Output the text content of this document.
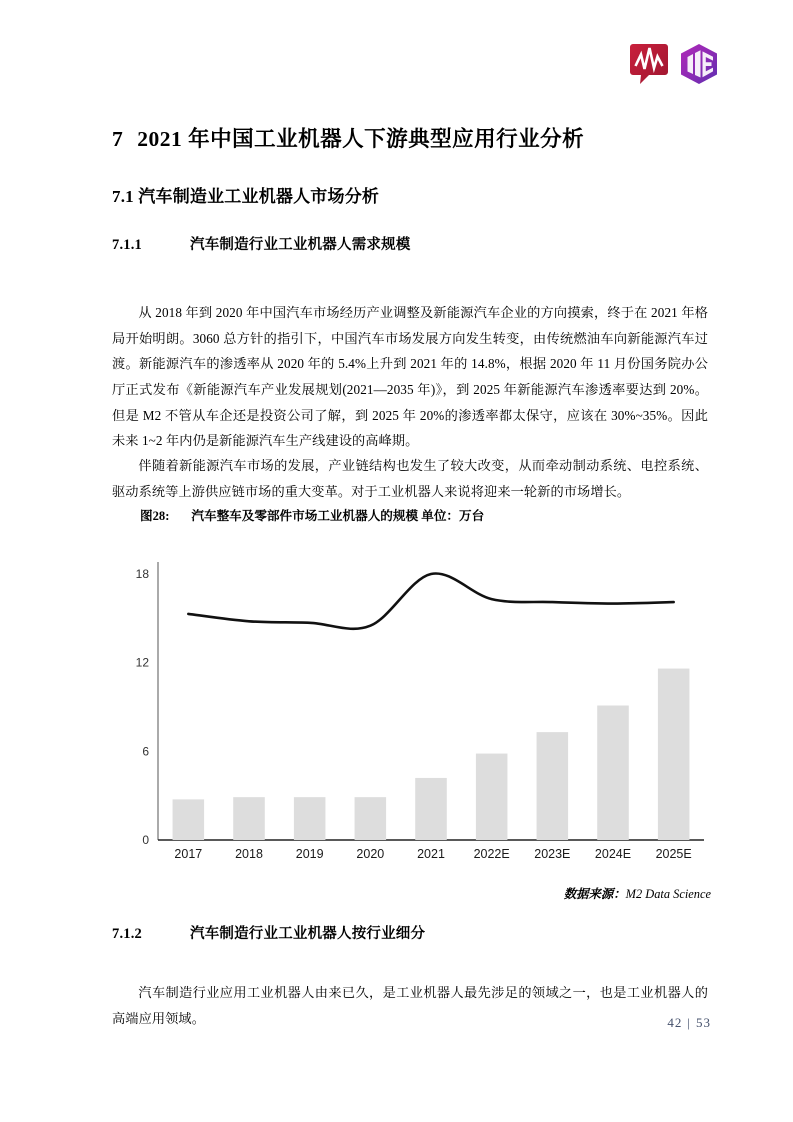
7 2021 年中国工业机器人下游典型应用行业分析
7.1 汽车制造业工业机器人市场分析
7.1.1	汽车制造行业工业机器人需求规模

从 2018 年到 2020 年中国汽车市场经历产业调整及新能源汽车企业的方向摸索，终于在 2021 年格局开始明朗。3060 总方针的指引下，中国汽车市场发展方向发生转变，由传统燃油车向新能源汽车过渡。新能源汽车的渗透率从 2020 年的 5.4%上升到 2021 年的 14.8%，根据 2020 年 11 月份国务院办公厅正式发布《新能源汽车产业发展规划(2021—2035 年)》，到 2025 年新能源汽车渗透率要达到 20%。但是 M2 不管从车企还是投资公司了解，到 2025 年 20%的渗透率都太保守，应该在 30%~35%。因此未来 1~2 年内仍是新能源汽车生产线建设的高峰期。

伴随着新能源汽车市场的发展，产业链结构也发生了较大改变，从而牵动制动系统、电控系统、驱动系统等上游供应链市场的重大变革。对于工业机器人来说将迎来一轮新的市场增长。

图28: 汽车整车及零部件市场工业机器人的规模 单位：万台
0
6
12
18
2017	2018	2019	2020	2021 2022E 2023E 2024E 2025E
数据来源：M2 Data Science
7.1.2	汽车制造行业工业机器人按行业细分

汽车制造行业应用工业机器人由来已久，是工业机器人最先涉足的领域之一，也是工业机器人的高端应用领域。	42 | 53
